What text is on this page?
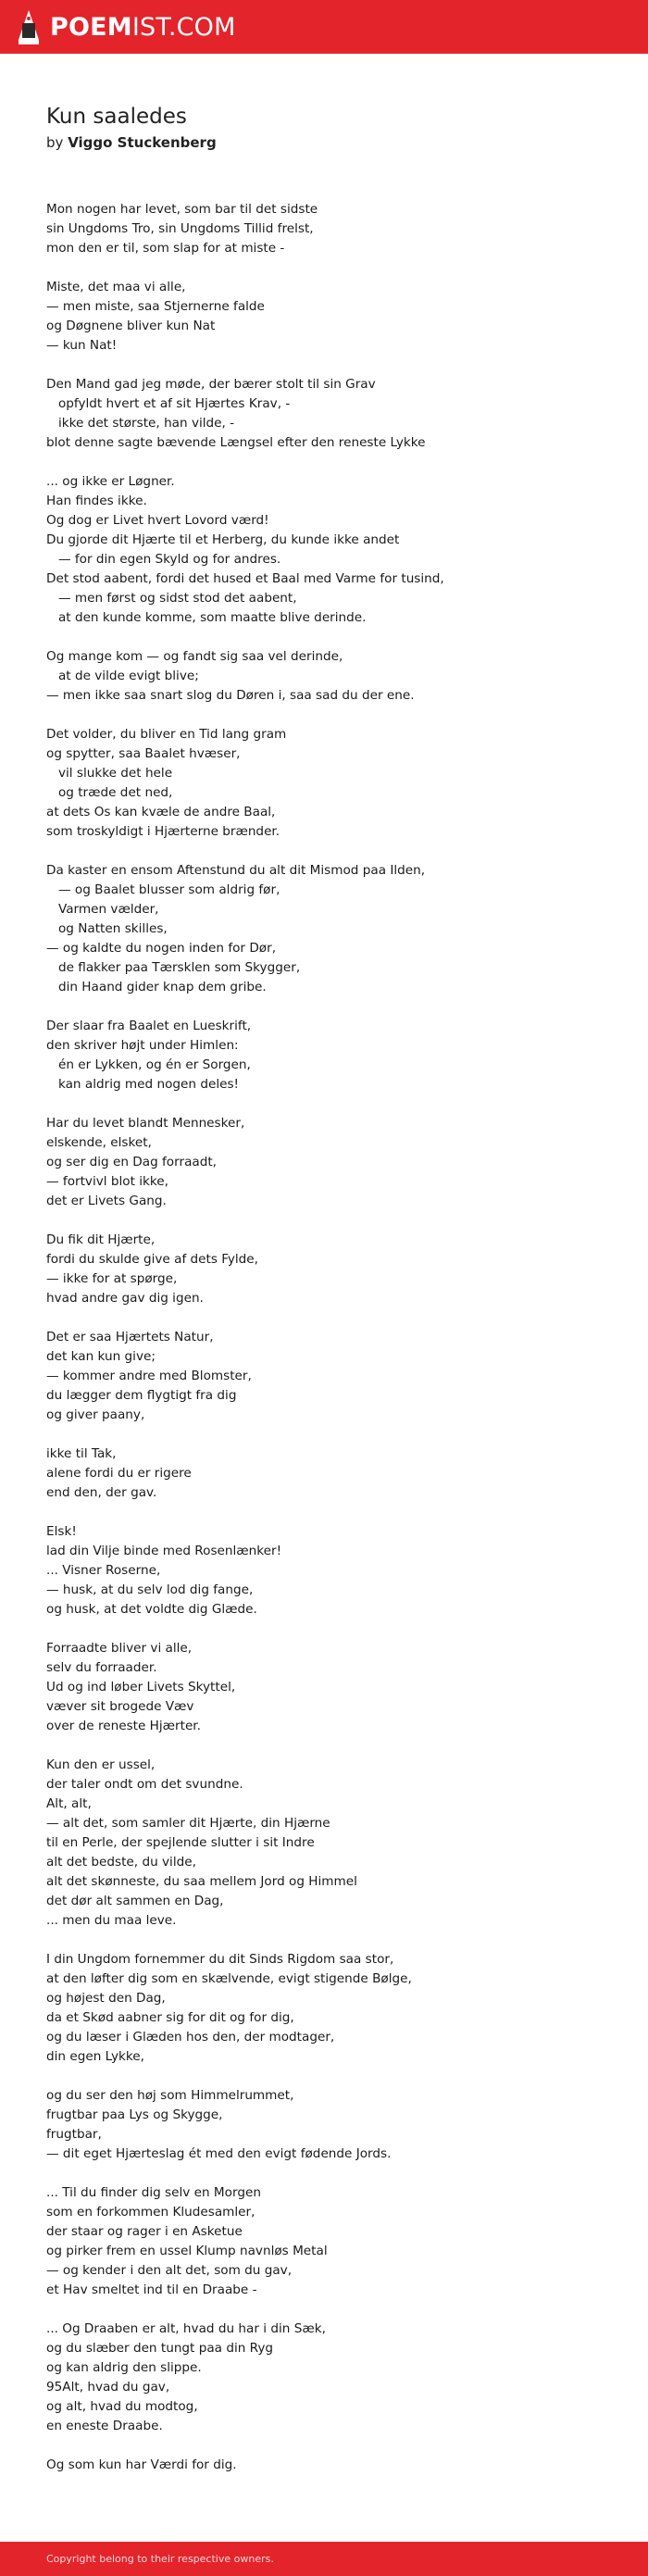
POEMIST.COM
Kun saaledes
by Viggo Stuckenberg
Mon nogen har levet, som bar til det sidste
sin Ungdoms Tro, sin Ungdoms Tillid frelst,
mon den er til, som slap for at miste -
Miste, det maa vi alle,
— men miste, saa Stjernerne falde
og Døgnene bliver kun Nat
— kun Nat!
Den Mand gad jeg møde, der bærer stolt til sin Grav
opfyldt hvert et af sit Hjærtes Krav, -
ikke det største, han vilde, -
blot denne sagte bævende Længsel efter den reneste Lykke
... og ikke er Løgner.
Han findes ikke.
Og dog er Livet hvert Lovord værd!
Du gjorde dit Hjærte til et Herberg, du kunde ikke andet
— for din egen Skyld og for andres.
Det stod aabent, fordi det hused et Baal med Varme for tusind,
— men først og sidst stod det aabent,
at den kunde komme, som maatte blive derinde.
Og mange kom — og fandt sig saa vel derinde,
at de vilde evigt blive;
— men ikke saa snart slog du Døren i, saa sad du der ene.
Det volder, du bliver en Tid lang gram
og spytter, saa Baalet hvæser,
vil slukke det hele
og træde det ned,
at dets Os kan kvæle de andre Baal,
som troskyldigt i Hjærterne brænder.
Da kaster en ensom Aftenstund du alt dit Mismod paa Ilden,
— og Baalet blusser som aldrig før,
Varmen vælder,
og Natten skilles,
— og kaldte du nogen inden for Dør,
de flakker paa Tærsklen som Skygger,
din Haand gider knap dem gribe.
Der slaar fra Baalet en Lueskrift,
den skriver højt under Himlen:
én er Lykken, og én er Sorgen,
kan aldrig med nogen deles!
Har du levet blandt Mennesker,
elskende, elsket,
og ser dig en Dag forraadt,
— fortvivl blot ikke,
det er Livets Gang.
Du fik dit Hjærte,
fordi du skulde give af dets Fylde,
— ikke for at spørge,
hvad andre gav dig igen.
Det er saa Hjærtets Natur,
det kan kun give;
— kommer andre med Blomster,
du lægger dem flygtigt fra dig
og giver paany,
ikke til Tak,
alene fordi du er rigere
end den, der gav.
Elsk!
lad din Vilje binde med Rosenlænker!
... Visner Roserne,
— husk, at du selv lod dig fange,
og husk, at det voldte dig Glæde.
Forraadte bliver vi alle,
selv du forraader.
Ud og ind løber Livets Skyttel,
væver sit brogede Væv
over de reneste Hjærter.
Kun den er ussel,
der taler ondt om det svundne.
Alt, alt,
— alt det, som samler dit Hjærte, din Hjærne
til en Perle, der spejlende slutter i sit Indre
alt det bedste, du vilde,
alt det skønneste, du saa mellem Jord og Himmel
det dør alt sammen en Dag,
... men du maa leve.
I din Ungdom fornemmer du dit Sinds Rigdom saa stor,
at den løfter dig som en skælvende, evigt stigende Bølge,
og højest den Dag,
da et Skød aabner sig for dit og for dig,
og du læser i Glæden hos den, der modtager,
din egen Lykke,
og du ser den høj som Himmelrummet,
frugtbar paa Lys og Skygge,
frugtbar,
— dit eget Hjærteslag ét med den evigt fødende Jords.
... Til du finder dig selv en Morgen
som en forkommen Kludesamler,
der staar og rager i en Asketue
og pirker frem en ussel Klump navnløs Metal
— og kender i den alt det, som du gav,
et Hav smeltet ind til en Draabe -
... Og Draaben er alt, hvad du har i din Sæk,
og du slæber den tungt paa din Ryg
og kan aldrig den slippe.
95Alt, hvad du gav,
og alt, hvad du modtog,
en eneste Draabe.
Og som kun har Værdi for dig.
Copyright belong to their respective owners.
